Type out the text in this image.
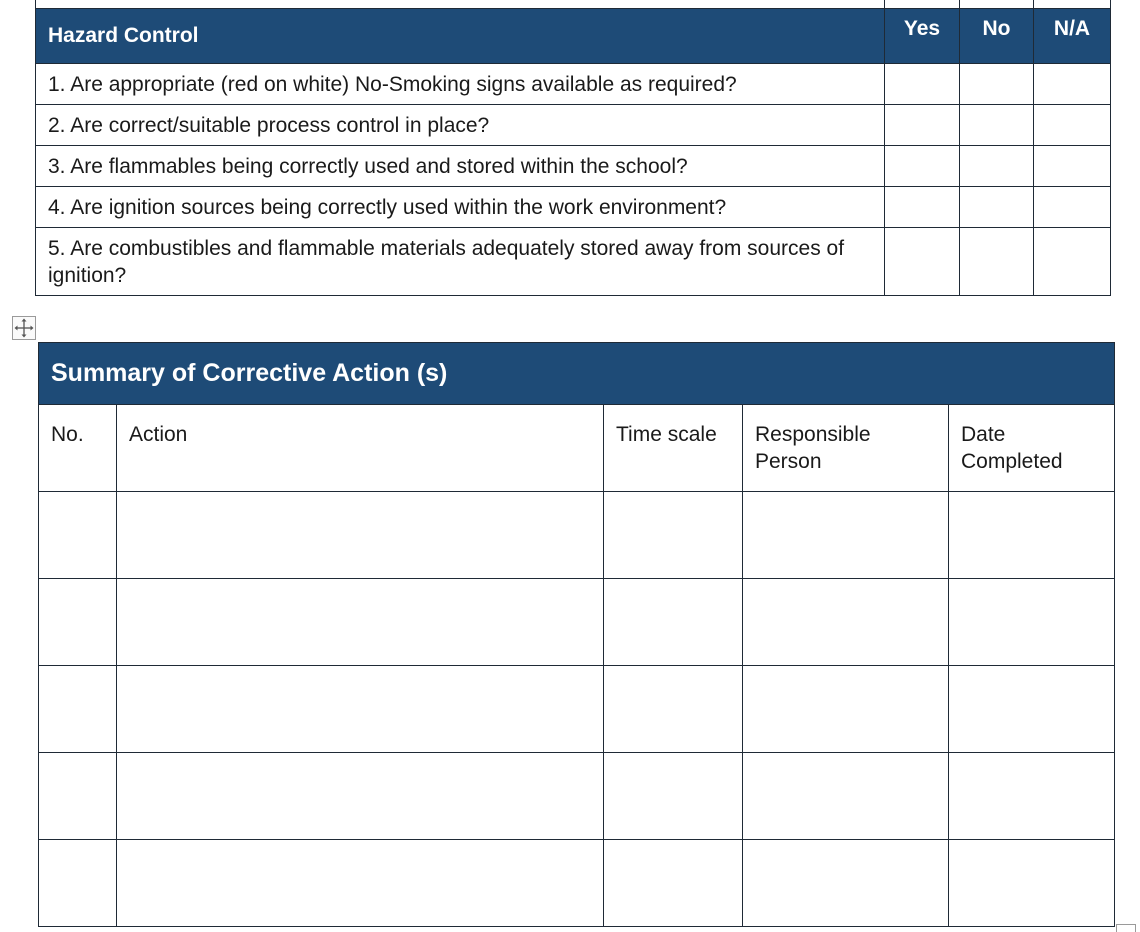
Hazard Control	Yes	No	N/A
1. Are appropriate (red on white) No-Smoking signs available as required?			
2. Are correct/suitable process control in place?			
3. Are flammables being correctly used and stored within the school?			
4. Are ignition sources being correctly used within the work environment?			
5. Are combustibles and flammable materials adequately stored away from sources of ignition?			
Summary of Corrective Action (s)				
No.	Action	Time scale	Responsible Person	Date Completed
